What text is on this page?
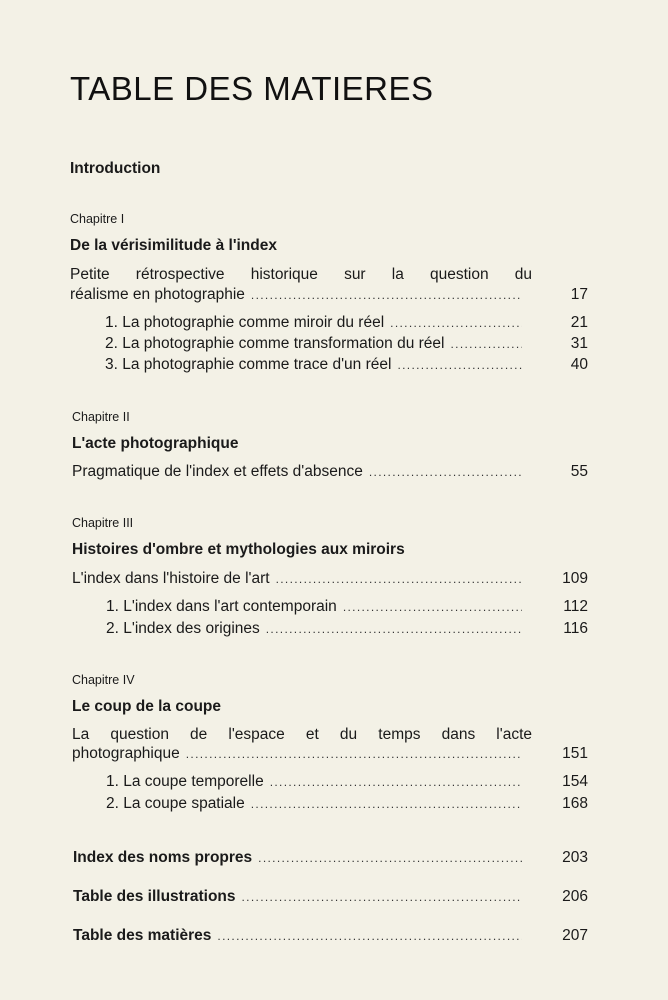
TABLE DES MATIERES
Introduction
Chapitre I
De la vérisimilitude à l'index
Petite rétrospective historique sur la question du
réalisme en photographie . . .	17
1. La photographie comme miroir du réel . . .	21
2. La photographie comme transformation du réel . . .	31
3. La photographie comme trace d'un réel . . .	40
Chapitre II
L'acte photographique
Pragmatique de l'index et effets d'absence . . .	55
Chapitre III
Histoires d'ombre et mythologies aux miroirs
L'index dans l'histoire de l'art . . .	109
1. L'index dans l'art contemporain . . .	112
2. L'index des origines . . .	116
Chapitre IV
Le coup de la coupe
La question de l'espace et du temps dans l'acte
photographique . . .	151
1. La coupe temporelle . . .	154
2. La coupe spatiale . . .	168
Index des noms propres . . .	203
Table des illustrations . . .	206
Table des matières . . .	207
